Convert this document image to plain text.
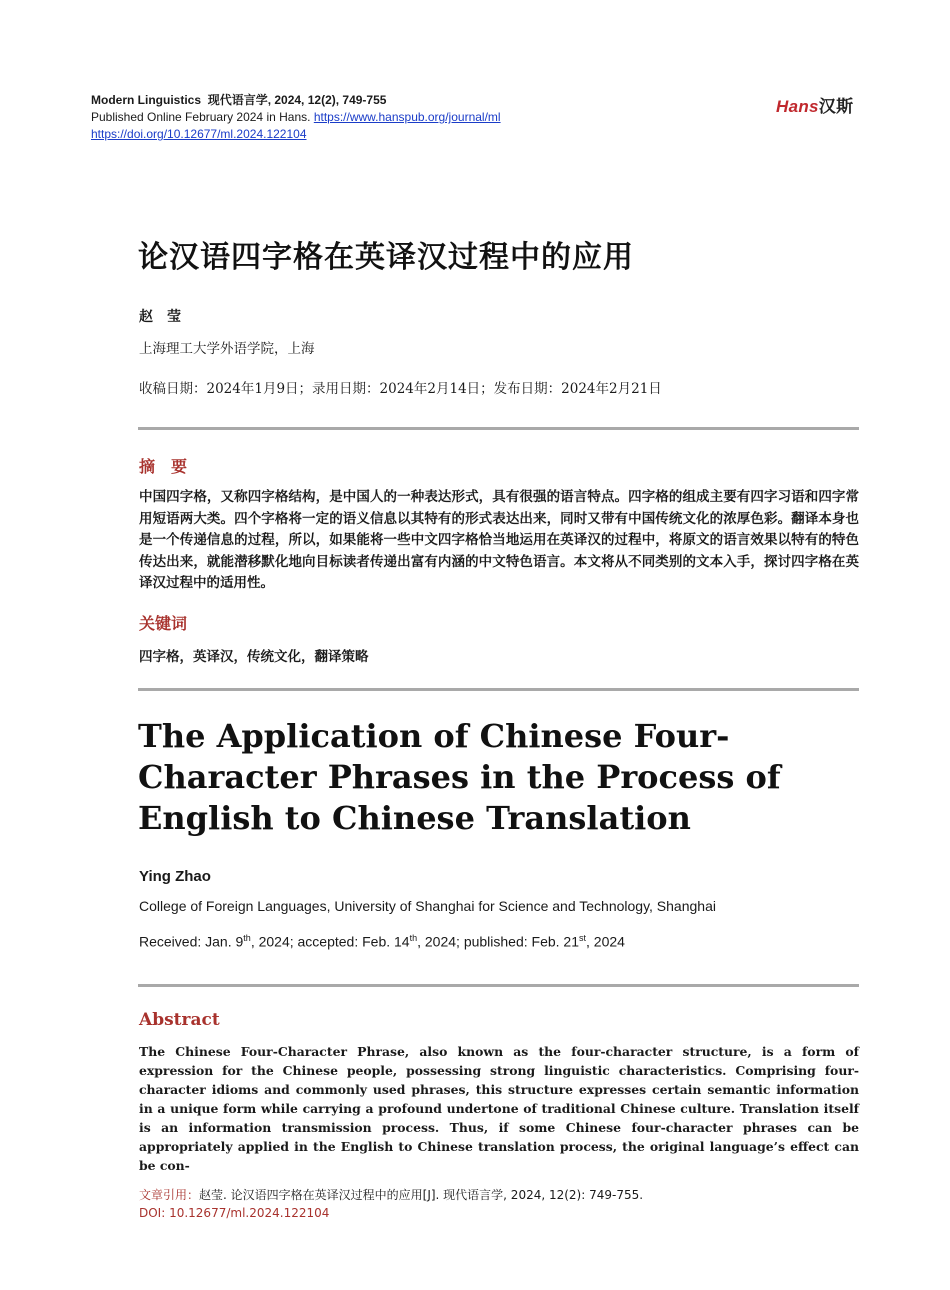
Modern Linguistics 现代语言学, 2024, 12(2), 749-755
Published Online February 2024 in Hans. https://www.hanspub.org/journal/ml
https://doi.org/10.12677/ml.2024.122104
Hans汉斯
论汉语四字格在英译汉过程中的应用
赵莹
上海理工大学外语学院，上海
收稿日期：2024年1月9日；录用日期：2024年2月14日；发布日期：2024年2月21日
摘　要
中国四字格，又称四字格结构，是中国人的一种表达形式，具有很强的语言特点。四字格的组成主要有四字习语和四字常用短语两大类。四个字格将一定的语义信息以其特有的形式表达出来，同时又带有中国传统文化的浓厚色彩。翻译本身也是一个传递信息的过程，所以，如果能将一些中文四字格恰当地运用在英译汉的过程中，将原文的语言效果以特有的特色传达出来，就能潜移默化地向目标读者传递出富有内涵的中文特色语言。本文将从不同类别的文本入手，探讨四字格在英译汉过程中的适用性。
关键词
四字格，英译汉，传统文化，翻译策略
The Application of Chinese Four-Character Phrases in the Process of English to Chinese Translation
Ying Zhao
College of Foreign Languages, University of Shanghai for Science and Technology, Shanghai
Received: Jan. 9th, 2024; accepted: Feb. 14th, 2024; published: Feb. 21st, 2024
Abstract
The Chinese Four-Character Phrase, also known as the four-character structure, is a form of expression for the Chinese people, possessing strong linguistic characteristics. Comprising four-character idioms and commonly used phrases, this structure expresses certain semantic information in a unique form while carrying a profound undertone of traditional Chinese culture. Translation itself is an information transmission process. Thus, if some Chinese four-character phrases can be appropriately applied in the English to Chinese translation process, the original language’s effect can be con-
文章引用：赵莹. 论汉语四字格在英译汉过程中的应用[J]. 现代语言学, 2024, 12(2): 749-755.
DOI: 10.12677/ml.2024.122104
